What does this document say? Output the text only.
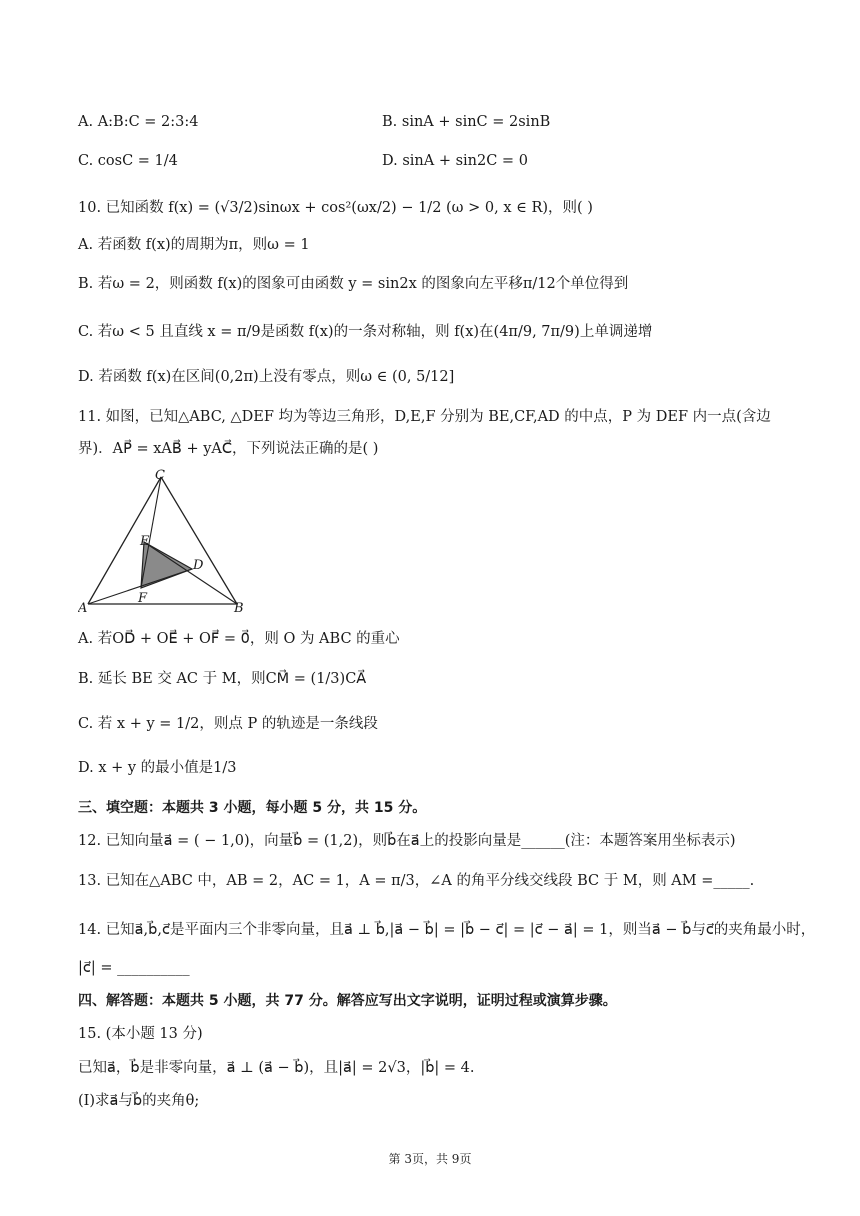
A. A:B:C = 2:3:4	B. sinA + sinC = 2sinB
C. cosC = 1/4	D. sinA + sin2C = 0
10. 已知函数 f(x) = (√3/2)sinωx + cos²(ωx/2) − 1/2 (ω > 0, x ∈ R)，则( )
A. 若函数 f(x)的周期为π，则ω = 1
B. 若ω = 2，则函数 f(x)的图象可由函数 y = sin2x 的图象向左平移π/12个单位得到
C. 若ω < 5 且直线 x = π/9是函数 f(x)的一条对称轴，则 f(x)在(4π/9, 7π/9)上单调递增
D. 若函数 f(x)在区间(0,2π)上没有零点，则ω ∈ (0, 5/12]
11. 如图，已知△ABC, △DEF 均为等边三角形，D,E,F 分别为 BE,CF,AD 的中点，P 为 DEF 内一点(含边
界)．AP⃗ = xAB⃗ + yAC⃗，下列说法正确的是( )
A	B
C
D
E
F
A. 若OD⃗ + OE⃗ + OF⃗ = 0⃗，则 O 为 ABC 的重心
B. 延长 BE 交 AC 于 M，则CM⃗ = (1/3)CA⃗
C. 若 x + y = 1/2，则点 P 的轨迹是一条线段
D. x + y 的最小值是1/3
三、填空题：本题共 3 小题，每小题 5 分，共 15 分。
12. 已知向量a⃗ = ( − 1,0)，向量b⃗ = (1,2)，则b⃗在a⃗上的投影向量是______(注：本题答案用坐标表示)
13. 已知在△ABC 中，AB = 2，AC = 1，A = π/3，∠A 的角平分线交线段 BC 于 M，则 AM =_____.
14. 已知a⃗,b⃗,c⃗是平面内三个非零向量，且a⃗ ⊥ b⃗,|a⃗ − b⃗| = |b⃗ − c⃗| = |c⃗ − a⃗| = 1，则当a⃗ − b⃗与c⃗的夹角最小时，
|c⃗| = __________
四、解答题：本题共 5 小题，共 77 分。解答应写出文字说明，证明过程或演算步骤。
15. (本小题 13 分)
已知a⃗，b⃗是非零向量，a⃗ ⊥ (a⃗ − b⃗)，且|a⃗| = 2√3，|b⃗| = 4.
(Ⅰ)求a⃗与b⃗的夹角θ;
第 3页，共 9页
